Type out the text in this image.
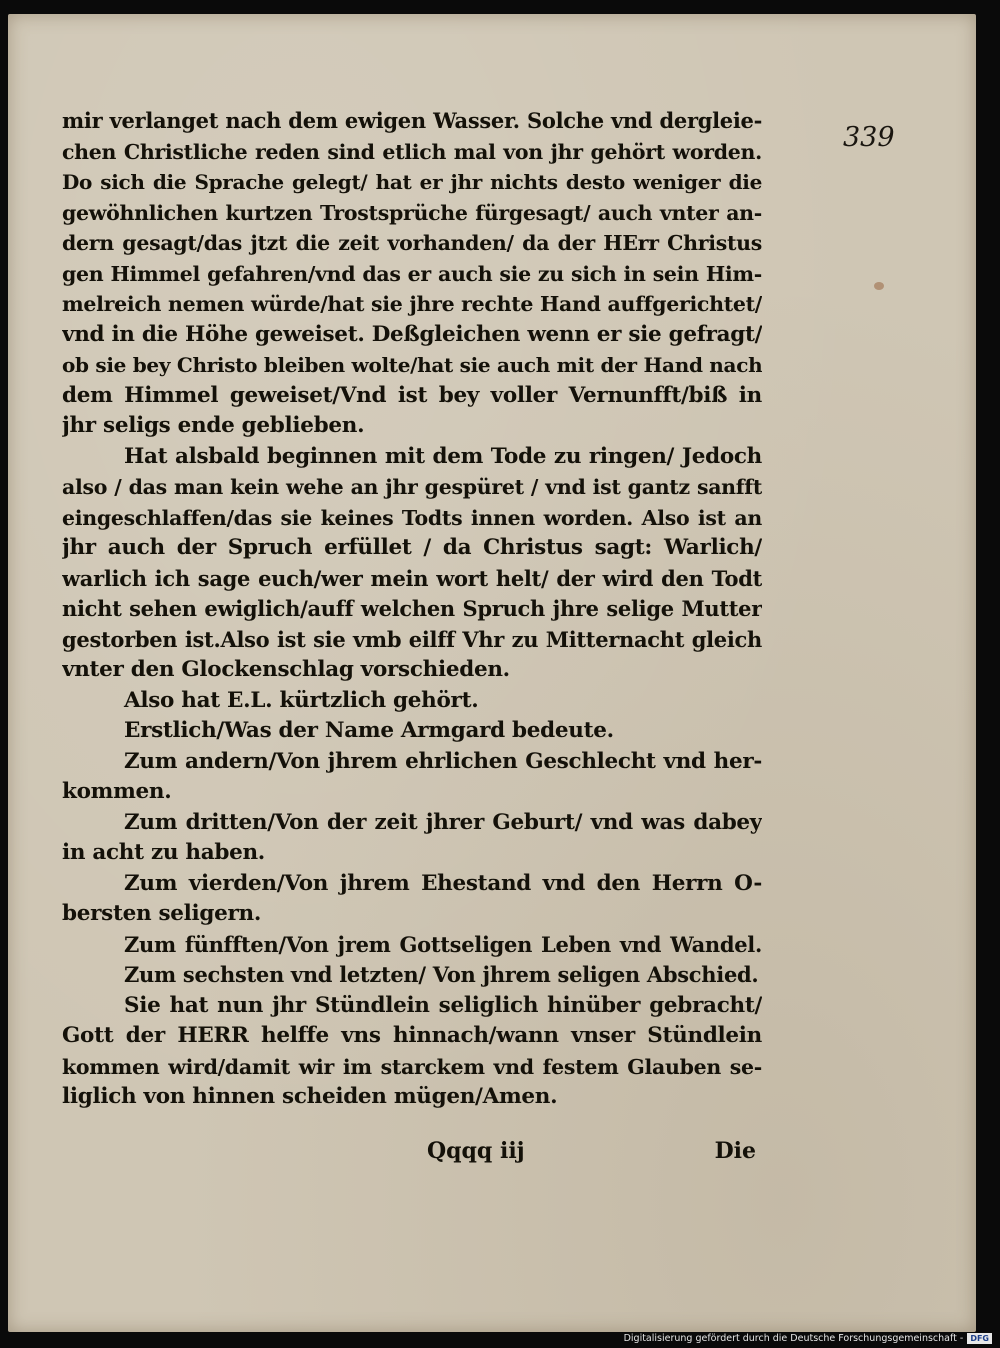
339
mir verlanget nach dem ewigen Wasser. Solche vnd dergleie-
chen Christliche reden sind etlich mal von jhr gehört worden.
Do sich die Sprache gelegt/ hat er jhr nichts desto weniger die
gewöhnlichen kurtzen Trostsprüche fürgesagt/ auch vnter an-
dern gesagt/das jtzt die zeit vorhanden/ da der HErr Christus
gen Himmel gefahren/vnd das er auch sie zu sich in sein Him-
melreich nemen würde/hat sie jhre rechte Hand auffgerichtet/
vnd in die Höhe geweiset. Deßgleichen wenn er sie gefragt/
ob sie bey Christo bleiben wolte/hat sie auch mit der Hand nach
dem Himmel geweiset/Vnd ist bey voller Vernunfft/biß in
jhr seligs ende geblieben.
Hat alsbald beginnen mit dem Tode zu ringen/ Jedoch
also / das man kein wehe an jhr gespüret / vnd ist gantz sanfft
eingeschlaffen/das sie keines Todts innen worden. Also ist an
jhr auch der Spruch erfüllet / da Christus sagt: Warlich/
warlich ich sage euch/wer mein wort helt/ der wird den Todt
nicht sehen ewiglich/auff welchen Spruch jhre selige Mutter
gestorben ist.Also ist sie vmb eilff Vhr zu Mitternacht gleich
vnter den Glockenschlag vorschieden.
Also hat E.L. kürtzlich gehört.
Erstlich/Was der Name Armgard bedeute.
Zum andern/Von jhrem ehrlichen Geschlecht vnd her-
kommen.
Zum dritten/Von der zeit jhrer Geburt/ vnd was dabey
in acht zu haben.
Zum vierden/Von jhrem Ehestand vnd den Herrn O-
bersten seligern.
Zum fünfften/Von jrem Gottseligen Leben vnd Wandel.
Zum sechsten vnd letzten/ Von jhrem seligen Abschied.
Sie hat nun jhr Stündlein seliglich hinüber gebracht/
Gott der HERR helffe vns hinnach/wann vnser Stündlein
kommen wird/damit wir im starckem vnd festem Glauben se-
liglich von hinnen scheiden mügen/Amen.
Qqqq iij	Die
Digitalisierung gefördert durch die Deutsche Forschungsgemeinschaft - DFG
